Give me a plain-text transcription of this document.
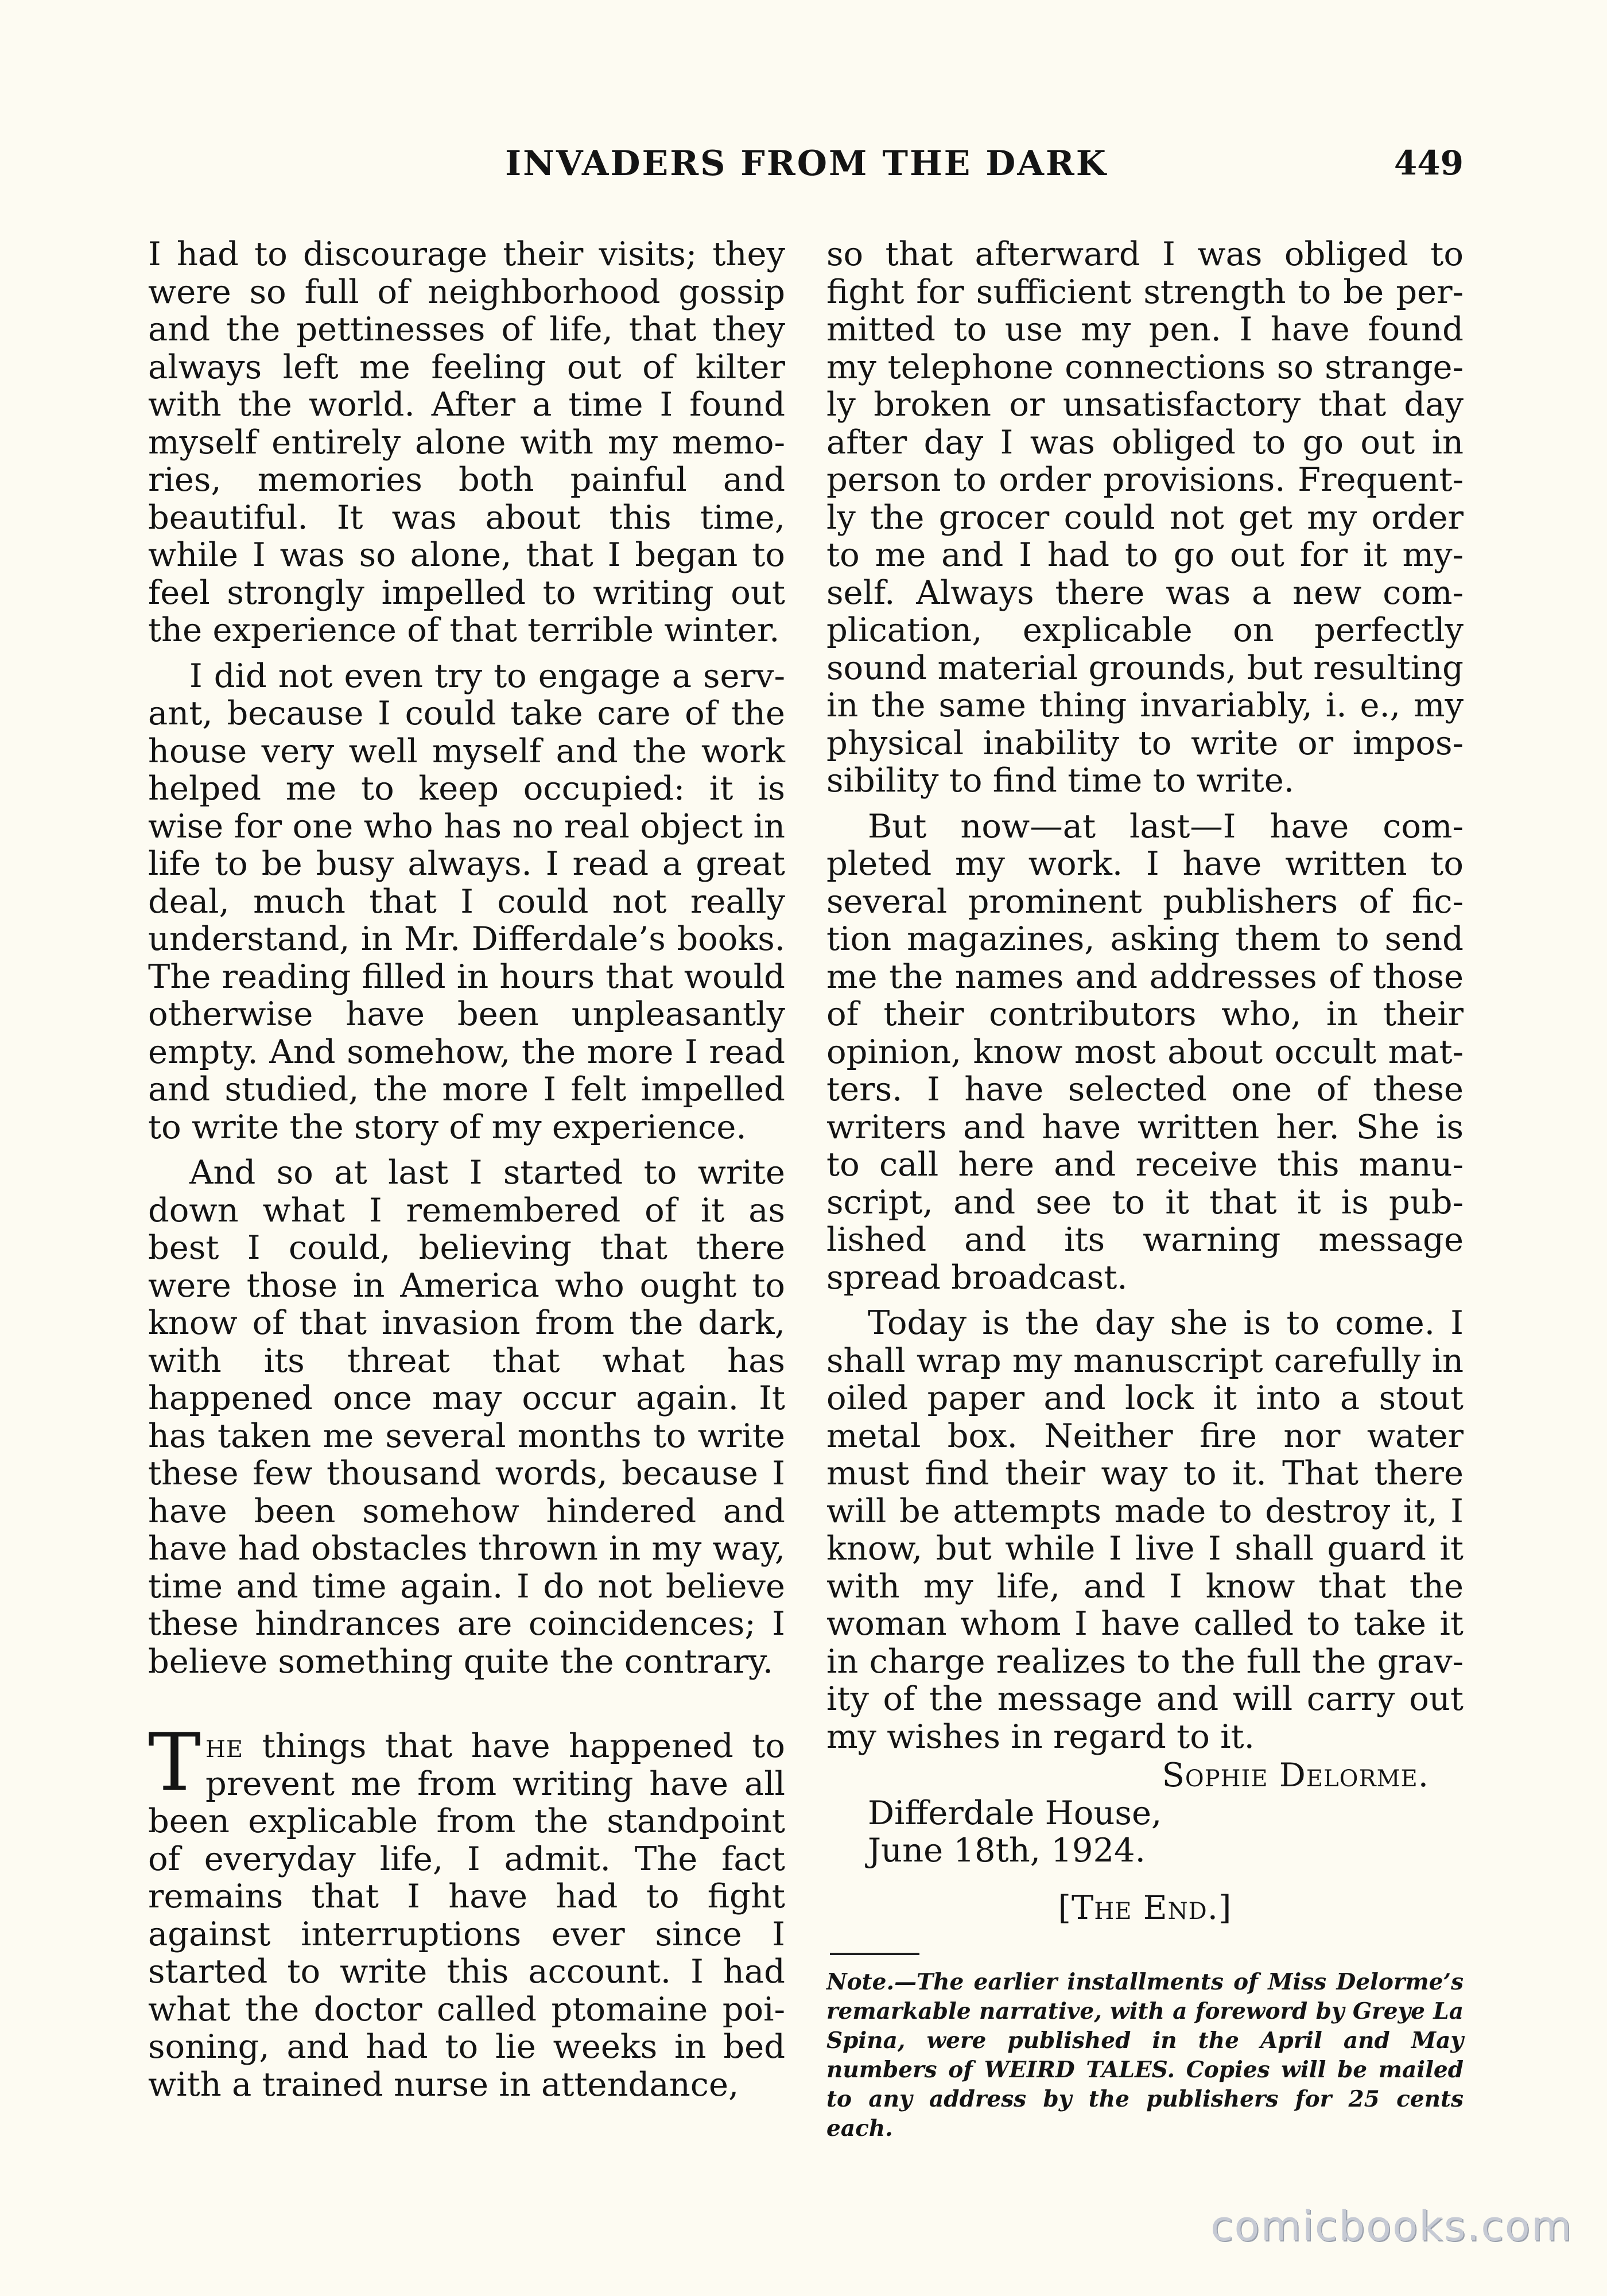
INVADERS FROM THE DARK	449

I had to discourage their visits; they were so full of neighborhood gossip and the pettinesses of life, that they always left me feeling out of kilter with the world. After a time I found myself entirely alone with my memories, memories both painful and beautiful. It was about this time, while I was so alone, that I began to feel strongly impelled to writing out the experience of that terrible winter.

I did not even try to engage a servant, because I could take care of the house very well myself and the work helped me to keep occupied: it is wise for one who has no real object in life to be busy always. I read a great deal, much that I could not really understand, in Mr. Differdale’s books. The reading filled in hours that would otherwise have been unpleasantly empty. And somehow, the more I read and studied, the more I felt impelled to write the story of my experience.

And so at last I started to write down what I remembered of it as best I could, believing that there were those in America who ought to know of that invasion from the dark, with its threat that what has happened once may occur again. It has taken me several months to write these few thousand words, because I have been somehow hindered and have had obstacles thrown in my way, time and time again. I do not believe these hindrances are coincidences; I believe something quite the contrary.

The things that have happened to prevent me from writing have all been explicable from the standpoint of everyday life, I admit. The fact remains that I have had to fight against interruptions ever since I started to write this account. I had what the doctor called ptomaine poisoning, and had to lie weeks in bed with a trained nurse in attendance,

so that afterward I was obliged to fight for sufficient strength to be permitted to use my pen. I have found my telephone connections so strangely broken or unsatisfactory that day after day I was obliged to go out in person to order provisions. Frequently the grocer could not get my order to me and I had to go out for it myself. Always there was a new complication, explicable on perfectly sound material grounds, but resulting in the same thing invariably, i. e., my physical inability to write or impossibility to find time to write.

But now—at last—I have completed my work. I have written to several prominent publishers of fiction magazines, asking them to send me the names and addresses of those of their contributors who, in their opinion, know most about occult matters. I have selected one of these writers and have written her. She is to call here and receive this manuscript, and see to it that it is published and its warning message spread broadcast.

Today is the day she is to come. I shall wrap my manuscript carefully in oiled paper and lock it into a stout metal box. Neither fire nor water must find their way to it. That there will be attempts made to destroy it, I know, but while I live I shall guard it with my life, and I know that the woman whom I have called to take it in charge realizes to the full the gravity of the message and will carry out my wishes in regard to it.

Sophie Delorme.
Differdale House,
June 18th, 1924.
[The End.]
Note.—The earlier installments of Miss Delorme’s remarkable narrative, with a foreword by Greye La Spina, were published in the April and May numbers of WEIRD TALES. Copies will be mailed to any address by the publishers for 25 cents each.
comicbooks.com
